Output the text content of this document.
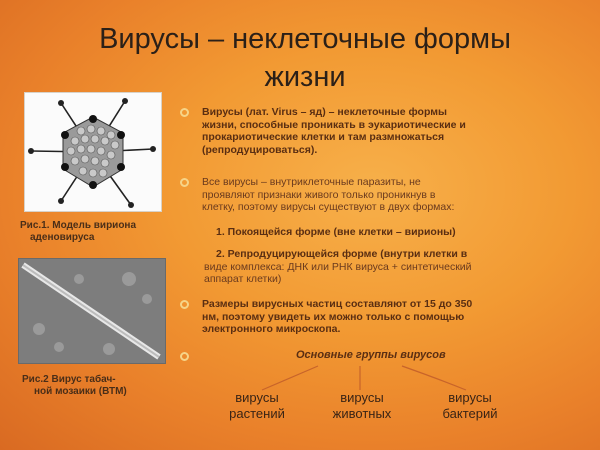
Вирусы – неклеточные формы
жизни
Рис.1. Модель вириона
аденовируса
Рис.2 Вирус табач-
ной мозаики (ВТМ)
Вирусы (лат. Virus – яд) – неклеточные формы
жизни, способные проникать в эукариотические и
прокариотические клетки и там размножаться
(репродуцироваться).
Все вирусы – внутриклеточные паразиты, не
проявляют признаки живого только проникнув в
клетку, поэтому вирусы существуют в двух формах:
1. Покоящейся форме (вне клетки – вирионы)
2. Репродуцирующейся форме (внутри клетки в
виде комплекса: ДНК или РНК вируса + синтетический
аппарат клетки)
Размеры вирусных частиц составляют от 15 до 350
нм, поэтому увидеть их можно только с помощью
электронного микроскопа.
Основные группы вирусов
вирусы
растений
вирусы
животных
вирусы
бактерий
